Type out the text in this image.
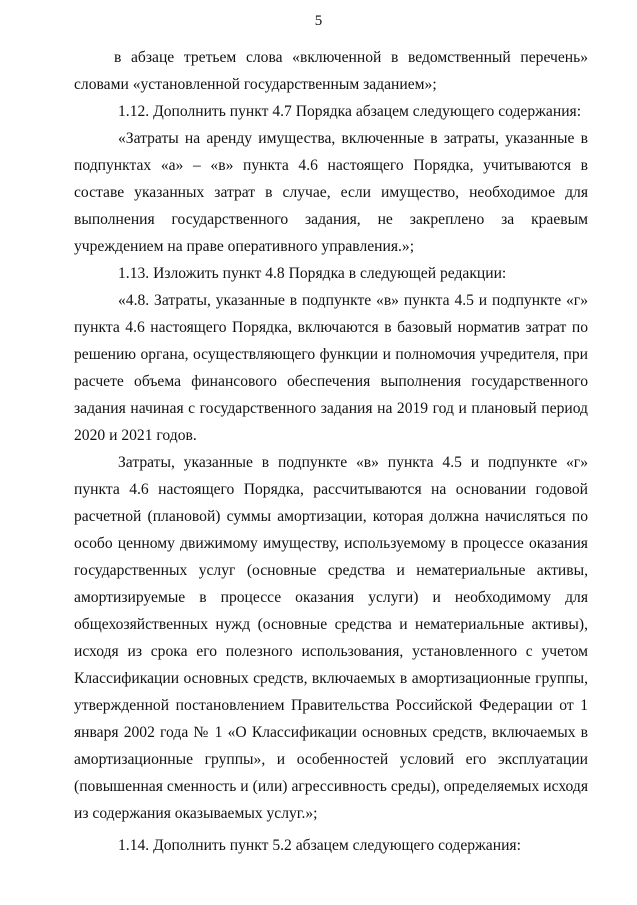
5

в абзаце третьем слова «включенной в ведомственный перечень» словами «установленной государственным заданием»;

1.12. Дополнить пункт 4.7 Порядка абзацем следующего содержания:

«Затраты на аренду имущества, включенные в затраты, указанные в подпунктах «а» – «в» пункта 4.6 настоящего Порядка, учитываются в составе указанных затрат в случае, если имущество, необходимое для выполнения государственного задания, не закреплено за краевым учреждением на праве оперативного управления.»;

1.13. Изложить пункт 4.8 Порядка в следующей редакции:

«4.8. Затраты, указанные в подпункте «в» пункта 4.5 и подпункте «г» пункта 4.6 настоящего Порядка, включаются в базовый норматив затрат по решению органа, осуществляющего функции и полномочия учредителя, при расчете объема финансового обеспечения выполнения государственного задания начиная с государственного задания на 2019 год и плановый период 2020 и 2021 годов.

Затраты, указанные в подпункте «в» пункта 4.5 и подпункте «г» пункта 4.6 настоящего Порядка, рассчитываются на основании годовой расчетной (плановой) суммы амортизации, которая должна начисляться по особо ценному движимому имуществу, используемому в процессе оказания государственных услуг (основные средства и нематериальные активы, амортизируемые в процессе оказания услуги) и необходимому для общехозяйственных нужд (основные средства и нематериальные активы), исходя из срока его полезного использования, установленного с учетом Классификации основных средств, включаемых в амортизационные группы, утвержденной постановлением Правительства Российской Федерации от 1 января 2002 года № 1 «О Классификации основных средств, включаемых в амортизационные группы», и особенностей условий его эксплуатации (повышенная сменность и (или) агрессивность среды), определяемых исходя из содержания оказываемых услуг.»;

1.14. Дополнить пункт 5.2 абзацем следующего содержания:
